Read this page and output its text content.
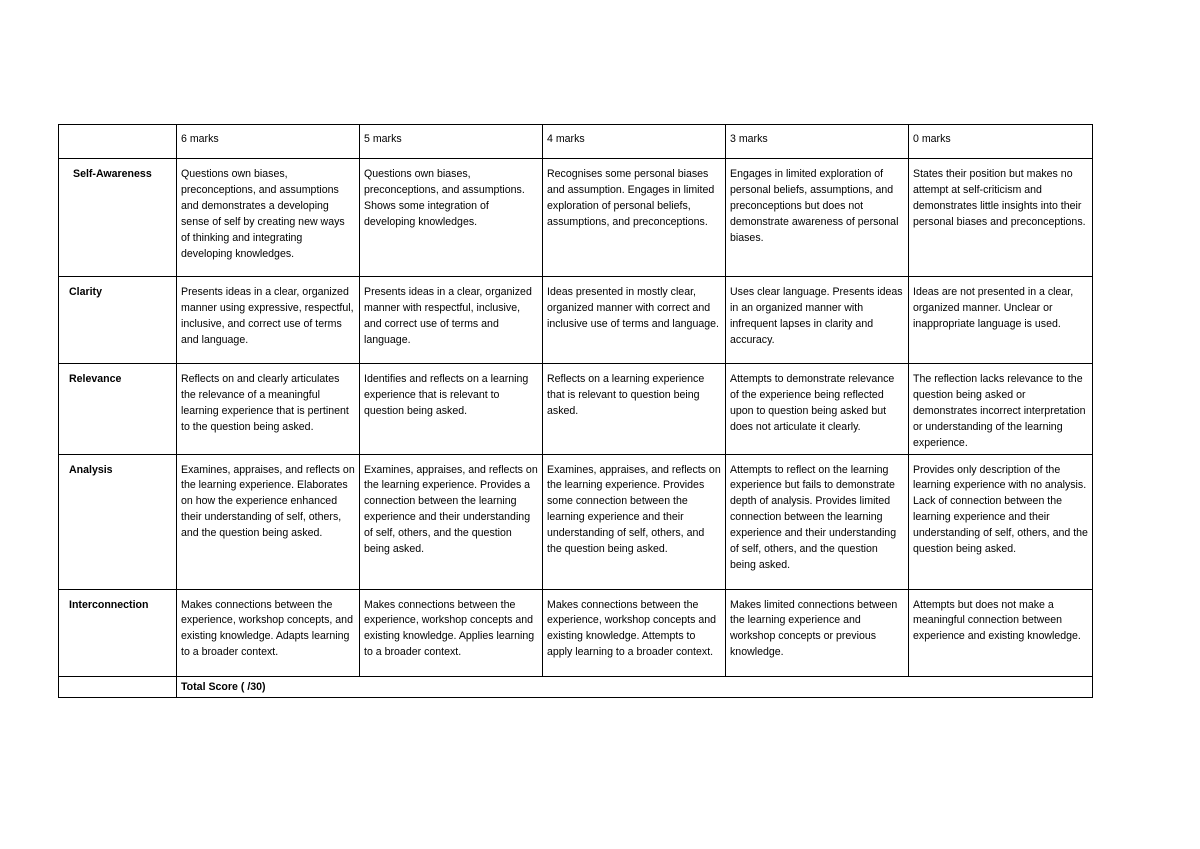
	6 marks	5 marks	4 marks	3 marks	0 marks
Self-Awareness	Questions own biases, preconceptions, and assumptions and demonstrates a developing sense of self by creating new ways of thinking and integrating developing knowledges.	Questions own biases, preconceptions, and assumptions. Shows some integration of developing knowledges.	Recognises some personal biases and assumption. Engages in limited exploration of personal beliefs, assumptions, and preconceptions.	Engages in limited exploration of personal beliefs, assumptions, and preconceptions but does not demonstrate awareness of personal biases.	States their position but makes no attempt at self-criticism and demonstrates little insights into their personal biases and preconceptions.
Clarity	Presents ideas in a clear, organized manner using expressive, respectful, inclusive, and correct use of terms and language.	Presents ideas in a clear, organized manner with respectful, inclusive, and correct use of terms and language.	Ideas presented in mostly clear, organized manner with correct and inclusive use of terms and language.	Uses clear language. Presents ideas in an organized manner with infrequent lapses in clarity and accuracy.	Ideas are not presented in a clear, organized manner. Unclear or inappropriate language is used.
Relevance	Reflects on and clearly articulates the relevance of a meaningful learning experience that is pertinent to the question being asked.	Identifies and reflects on a learning experience that is relevant to question being asked.	Reflects on a learning experience that is relevant to question being asked.	Attempts to demonstrate relevance of the experience being reflected upon to question being asked but does not articulate it clearly.	The reflection lacks relevance to the question being asked or demonstrates incorrect interpretation or understanding of the learning experience.
Analysis	Examines, appraises, and reflects on the learning experience. Elaborates on how the experience enhanced their understanding of self, others, and the question being asked.	Examines, appraises, and reflects on the learning experience. Provides a connection between the learning experience and their understanding of self, others, and the question being asked.	Examines, appraises, and reflects on the learning experience. Provides some connection between the learning experience and their understanding of self, others, and the question being asked.	Attempts to reflect on the learning experience but fails to demonstrate depth of analysis. Provides limited connection between the learning experience and their understanding of self, others, and the question being asked.	Provides only description of the learning experience with no analysis. Lack of connection between the learning experience and their understanding of self, others, and the question being asked.
Interconnection	Makes connections between the experience, workshop concepts, and existing knowledge. Adapts learning to a broader context.	Makes connections between the experience, workshop concepts and existing knowledge. Applies learning to a broader context.	Makes connections between the experience, workshop concepts and existing knowledge. Attempts to apply learning to a broader context.	Makes limited connections between the learning experience and workshop concepts or previous knowledge.	Attempts but does not make a meaningful connection between experience and existing knowledge.
	Total Score ( /30)				
